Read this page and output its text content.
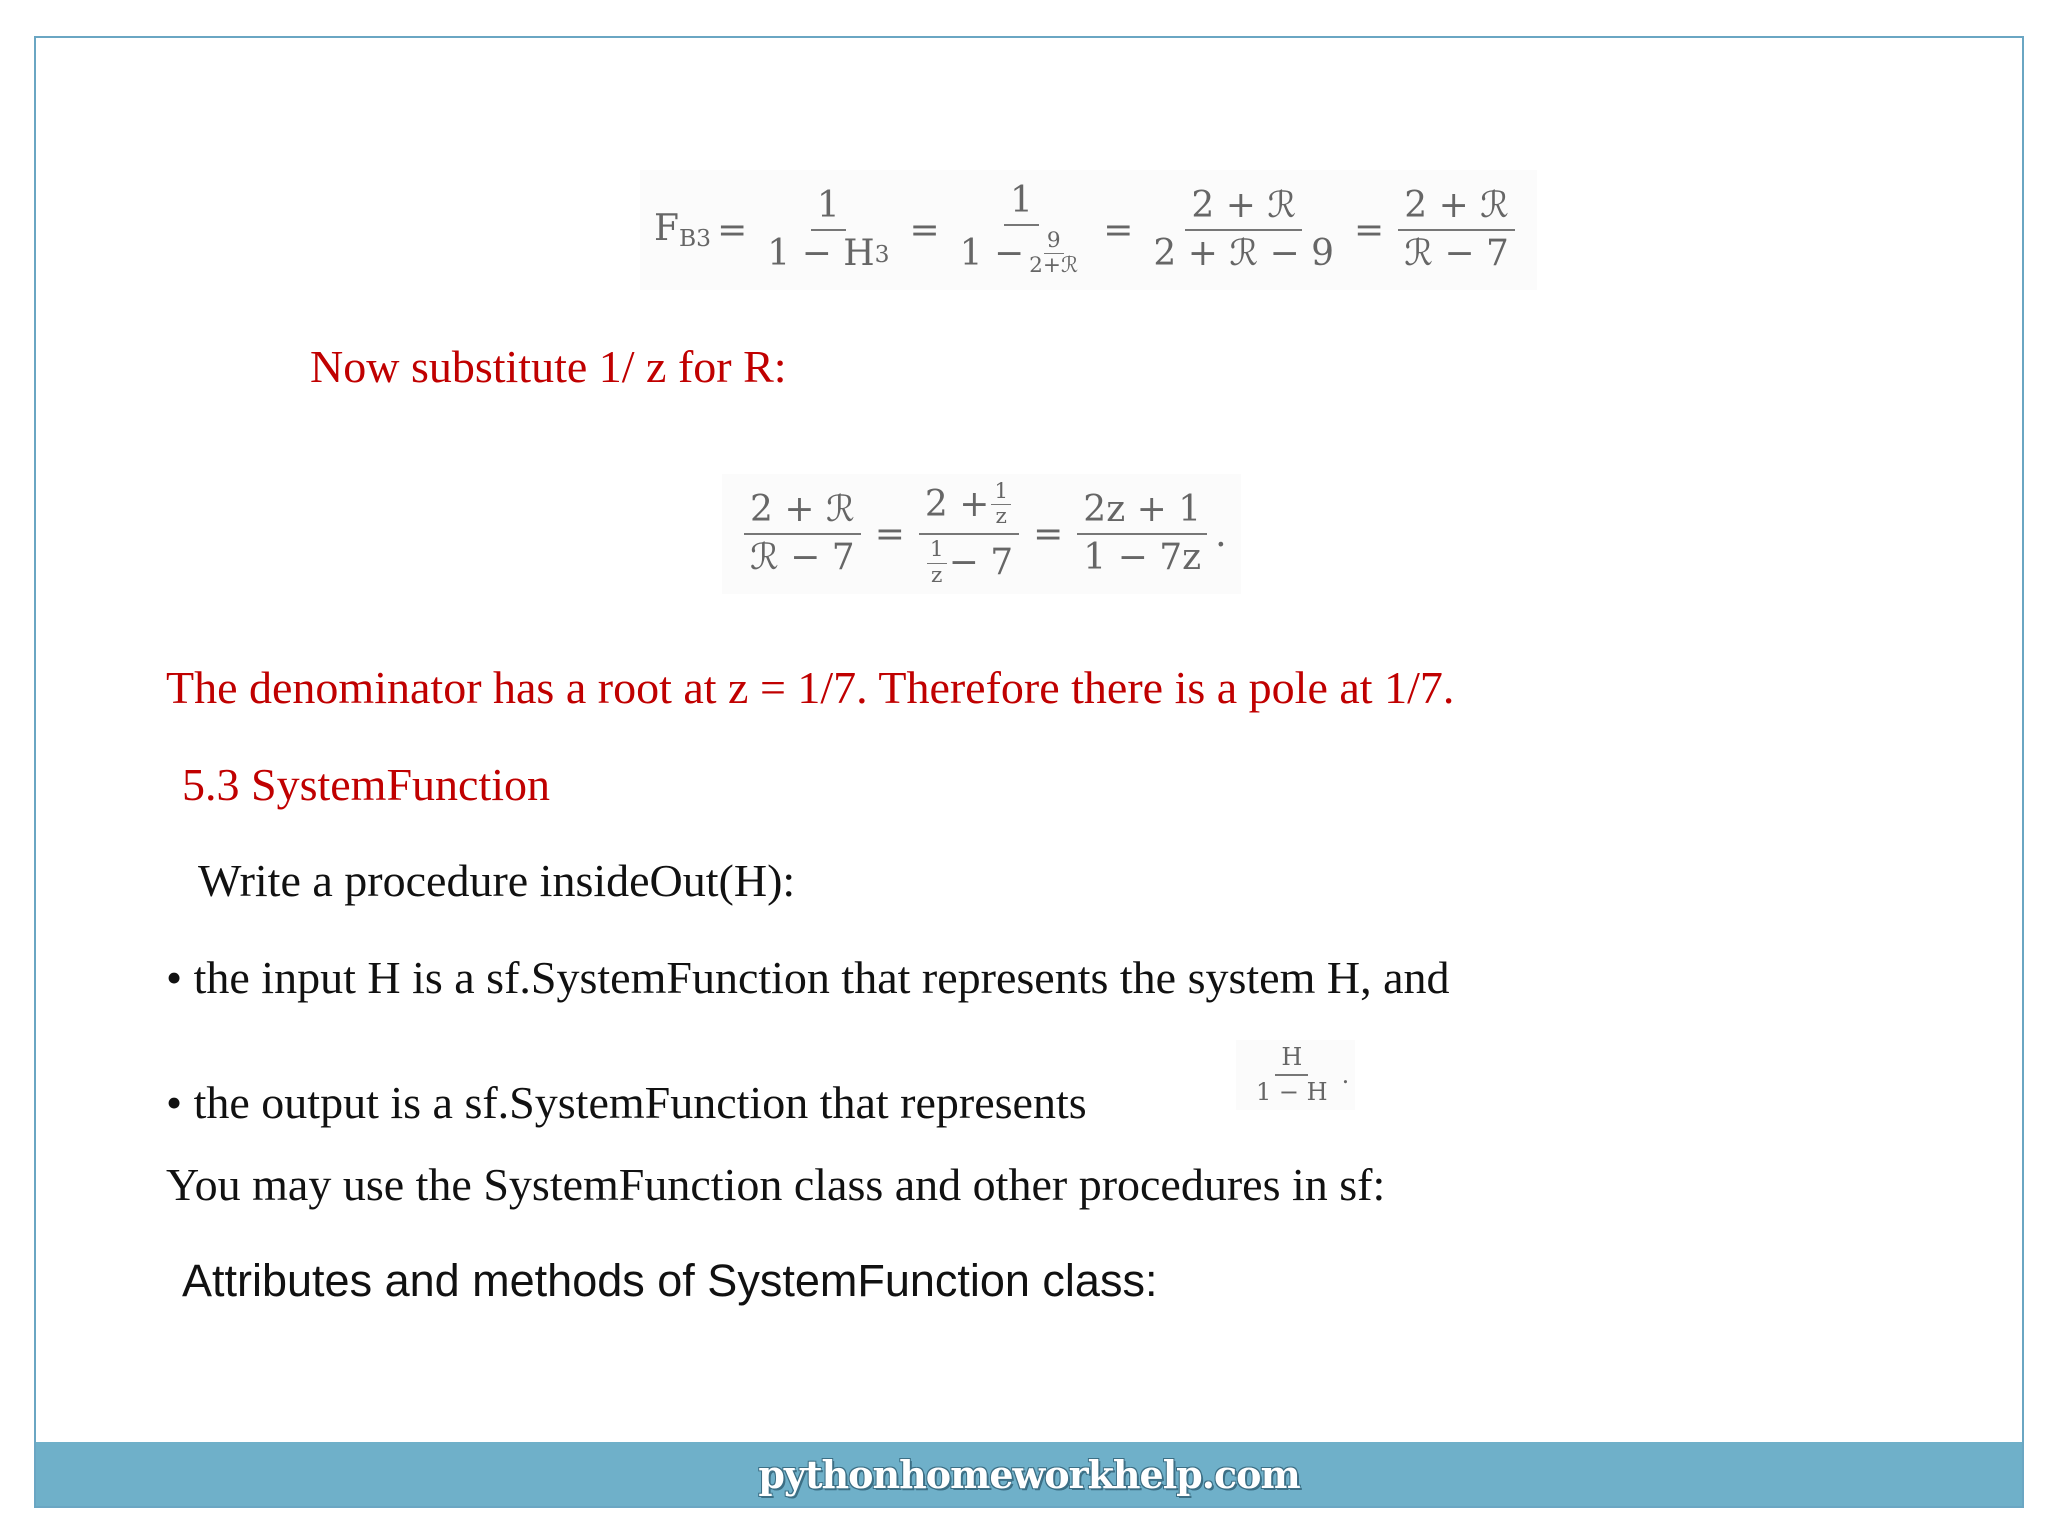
$F_{B3} = \frac{1}{1 - H 3} = \frac{1}{1 - \frac{9}{\text{2+ℛ}}} = \frac{\text{2 + ℛ}}{\text{2 + ℛ − 9}} = \frac{\text{2 + ℛ}}{\text{ℛ − 7}}$
Now substitute 1/ z for R:
$\frac{\text{2 + ℛ}}{\text{ℛ − 7}} = \frac{2 + \frac{1}{z}}{\frac{1}{z} - 7} = \frac{2z + 1}{1 - 7z}$ .
The denominator has a root at z = 1/7. Therefore there is a pole at 1/7.
5.3 SystemFunction
Write a procedure insideOut(H):
• the input H is a sf.SystemFunction that represents the system H, and
• the output is a sf.SystemFunction that represents	$\frac{H}{1 - H}$ .
You may use the SystemFunction class and other procedures in sf:
Attributes and methods of SystemFunction class:
pythonhomeworkhelp.com
